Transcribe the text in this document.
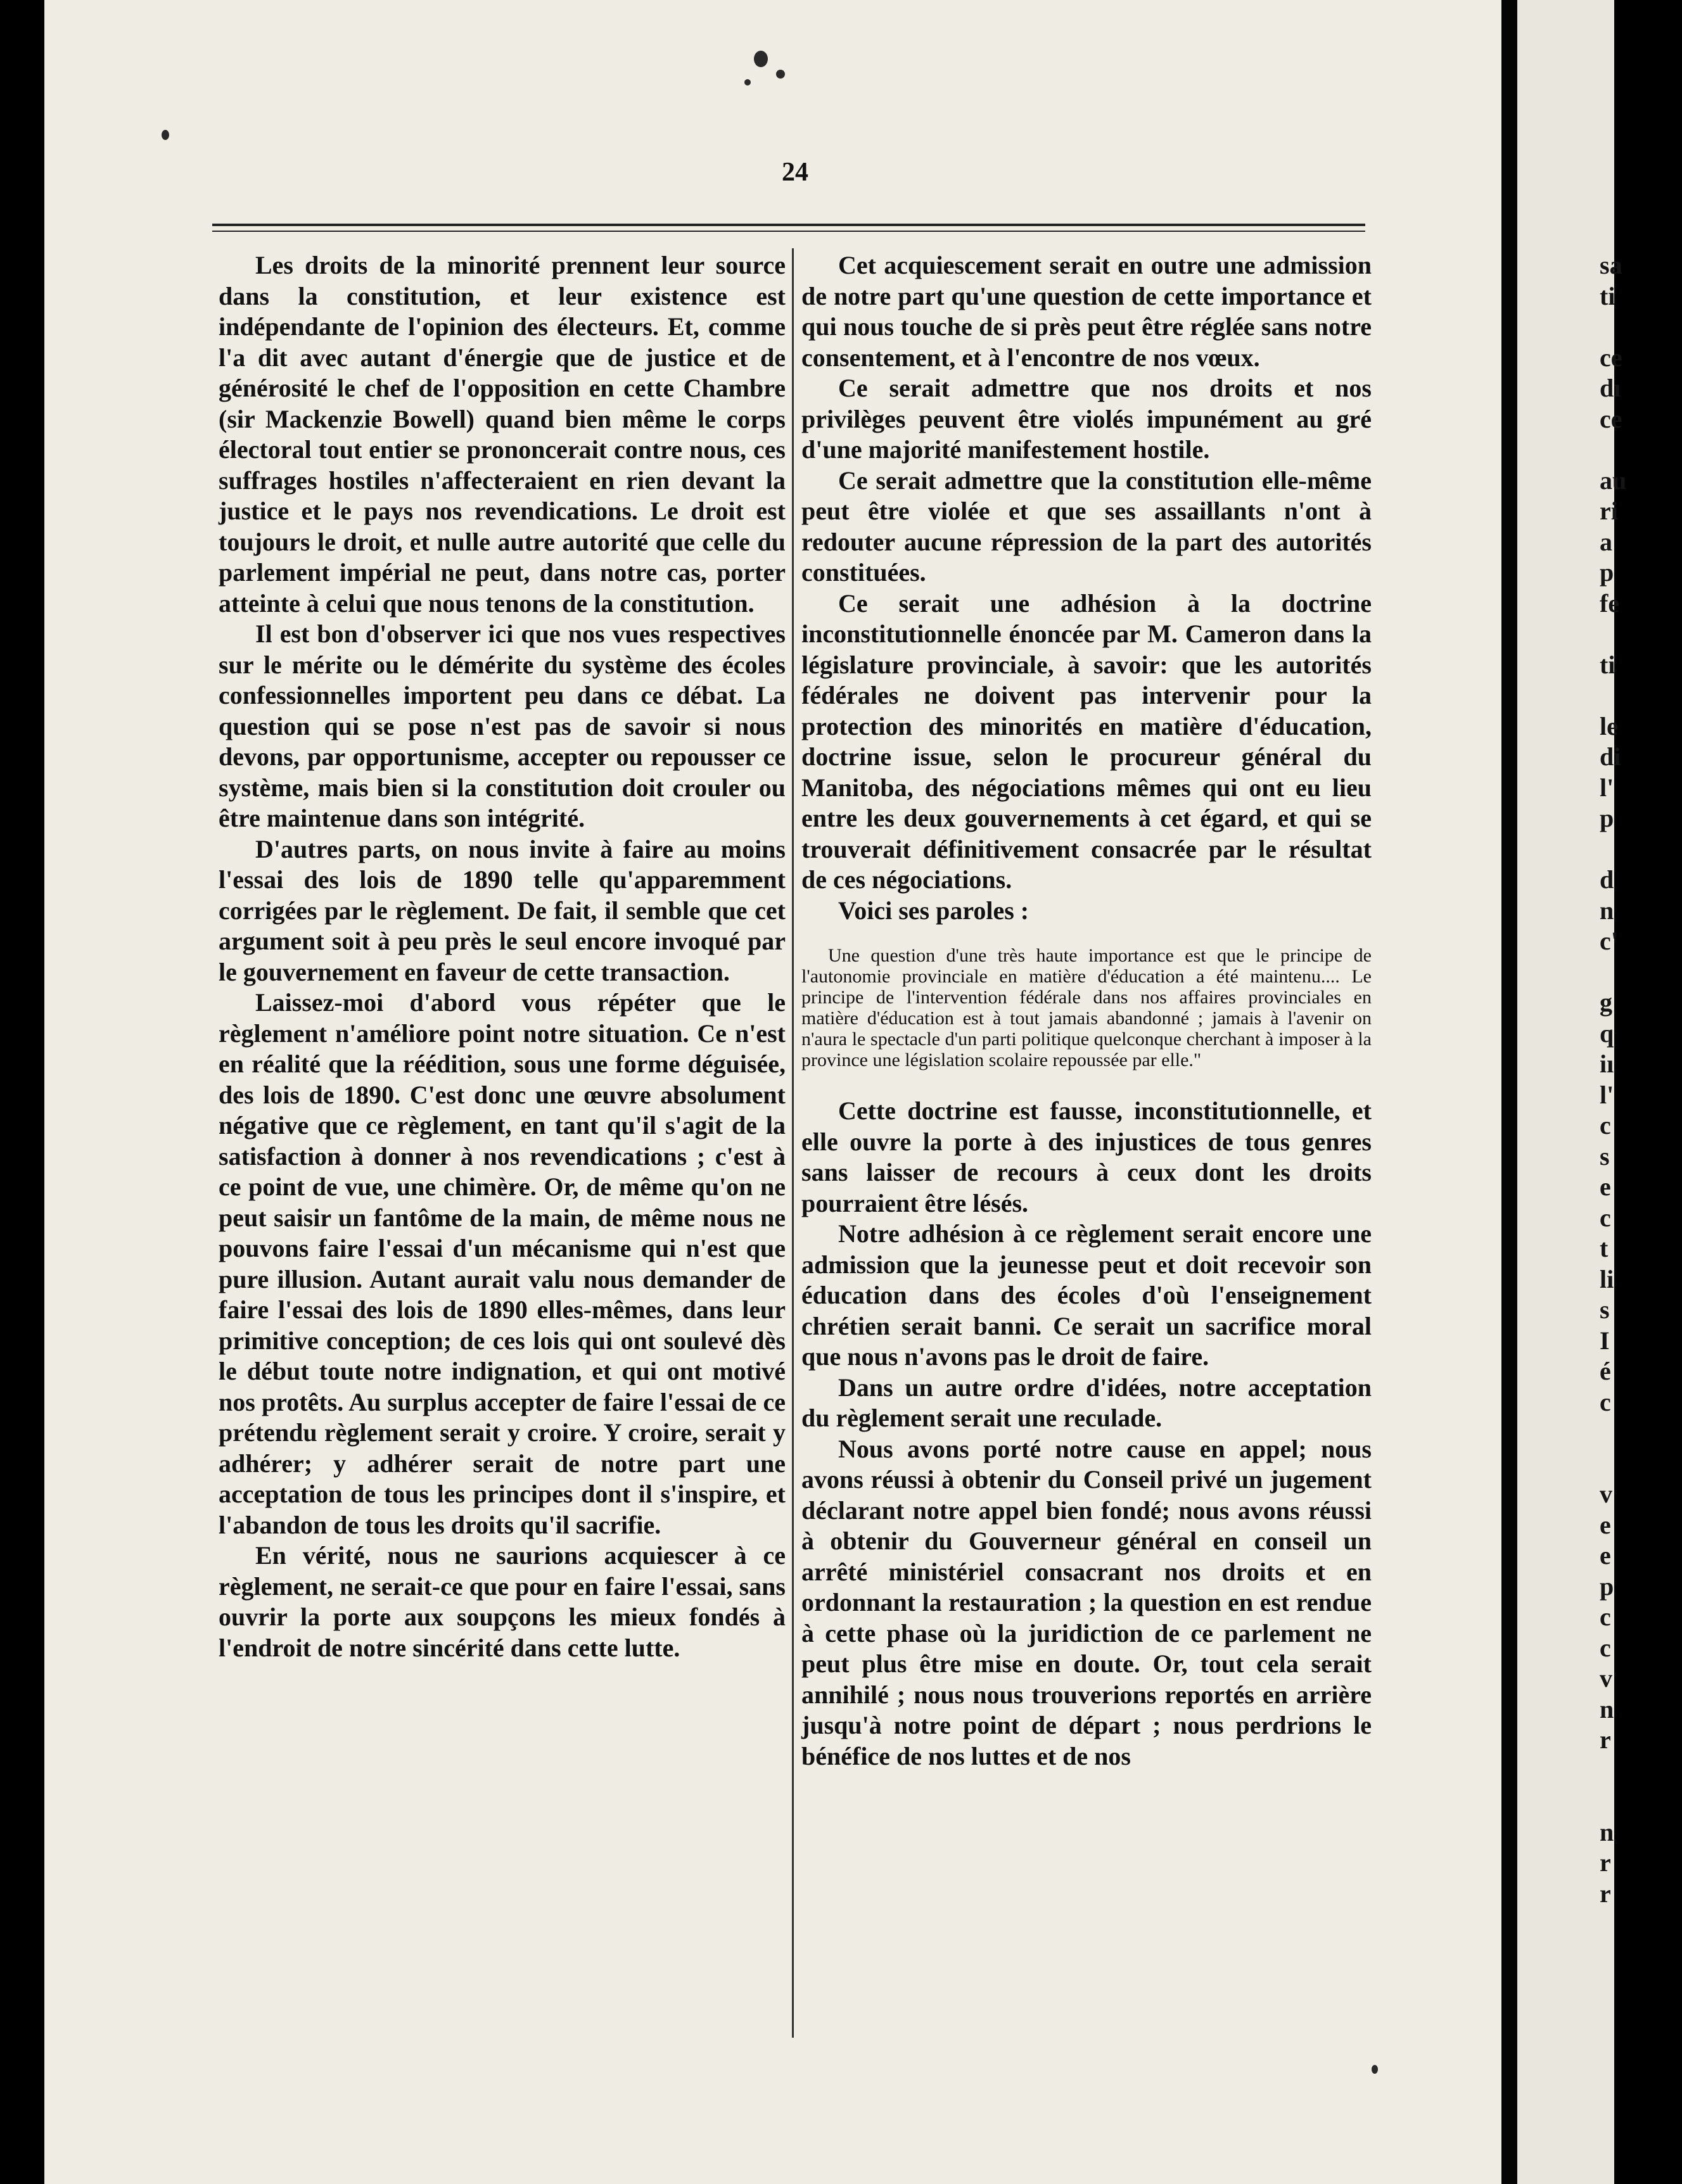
24

Les droits de la minorité prennent leur source dans la constitution, et leur existence est indépendante de l'opinion des électeurs. Et, comme l'a dit avec autant d'énergie que de justice et de générosité le chef de l'opposition en cette Chambre (sir Mackenzie Bowell) quand bien même le corps électoral tout entier se prononcerait contre nous, ces suffrages hostiles n'affecteraient en rien devant la justice et le pays nos revendications. Le droit est toujours le droit, et nulle autre autorité que celle du parlement impérial ne peut, dans notre cas, porter atteinte à celui que nous tenons de la constitution.

Il est bon d'observer ici que nos vues respectives sur le mérite ou le démérite du système des écoles confessionnelles importent peu dans ce débat. La question qui se pose n'est pas de savoir si nous devons, par opportunisme, accepter ou repousser ce système, mais bien si la constitution doit crouler ou être maintenue dans son intégrité.

D'autres parts, on nous invite à faire au moins l'essai des lois de 1890 telle qu'apparemment corrigées par le règlement. De fait, il semble que cet argument soit à peu près le seul encore invoqué par le gouvernement en faveur de cette transaction.

Laissez-moi d'abord vous répéter que le règlement n'améliore point notre situation. Ce n'est en réalité que la réédition, sous une forme déguisée, des lois de 1890. C'est donc une œuvre absolument négative que ce règlement, en tant qu'il s'agit de la satisfaction à donner à nos revendications ; c'est à ce point de vue, une chimère. Or, de même qu'on ne peut saisir un fantôme de la main, de même nous ne pouvons faire l'essai d'un mécanisme qui n'est que pure illusion. Autant aurait valu nous demander de faire l'essai des lois de 1890 elles-mêmes, dans leur primitive conception; de ces lois qui ont soulevé dès le début toute notre indignation, et qui ont motivé nos protêts. Au surplus accepter de faire l'essai de ce prétendu règlement serait y croire. Y croire, serait y adhérer; y adhérer serait de notre part une acceptation de tous les principes dont il s'inspire, et l'abandon de tous les droits qu'il sacrifie.

En vérité, nous ne saurions acquiescer à ce règlement, ne serait-ce que pour en faire l'essai, sans ouvrir la porte aux soupçons les mieux fondés à l'endroit de notre sincérité dans cette lutte.

Cet acquiescement serait en outre une admission de notre part qu'une question de cette importance et qui nous touche de si près peut être réglée sans notre consentement, et à l'encontre de nos vœux.

Ce serait admettre que nos droits et nos privilèges peuvent être violés impunément au gré d'une majorité manifestement hostile.

Ce serait admettre que la constitution elle-même peut être violée et que ses assaillants n'ont à redouter aucune répression de la part des autorités constituées.

Ce serait une adhésion à la doctrine inconstitutionnelle énoncée par M. Cameron dans la législature provinciale, à savoir: que les autorités fédérales ne doivent pas intervenir pour la protection des minorités en matière d'éducation, doctrine issue, selon le procureur général du Manitoba, des négociations mêmes qui ont eu lieu entre les deux gouvernements à cet égard, et qui se trouverait définitivement consacrée par le résultat de ces négociations.

Voici ses paroles :

Une question d'une très haute importance est que le principe de l'autonomie provinciale en matière d'éducation a été maintenu.... Le principe de l'intervention fédérale dans nos affaires provinciales en matière d'éducation est à tout jamais abandonné ; jamais à l'avenir on n'aura le spectacle d'un parti politique quelconque cherchant à imposer à la province une législation scolaire repoussée par elle."

Cette doctrine est fausse, inconstitutionnelle, et elle ouvre la porte à des injustices de tous genres sans laisser de recours à ceux dont les droits pourraient être lésés.

Notre adhésion à ce règlement serait encore une admission que la jeunesse peut et doit recevoir son éducation dans des écoles d'où l'enseignement chrétien serait banni. Ce serait un sacrifice moral que nous n'avons pas le droit de faire.

Dans un autre ordre d'idées, notre acceptation du règlement serait une reculade.

Nous avons porté notre cause en appel; nous avons réussi à obtenir du Conseil privé un jugement déclarant notre appel bien fondé; nous avons réussi à obtenir du Gouverneur général en conseil un arrêté ministériel consacrant nos droits et en ordonnant la restauration ; la question en est rendue à cette phase où la juridiction de ce parlement ne peut plus être mise en doute. Or, tout cela serait annihilé ; nous nous trouverions reportés en arrière jusqu'à notre point de départ ; nous perdrions le bénéfice de nos luttes et de nos

sa
ti
ce
dı
ce
au
ri
a
p
fe
ti
le
di
l'
p
d
n
c'
g
q
iı
l'
c
s
e
c
t
li
s
I
é
c
v
e
e
p
c
c
v
n
r
n
r
r
